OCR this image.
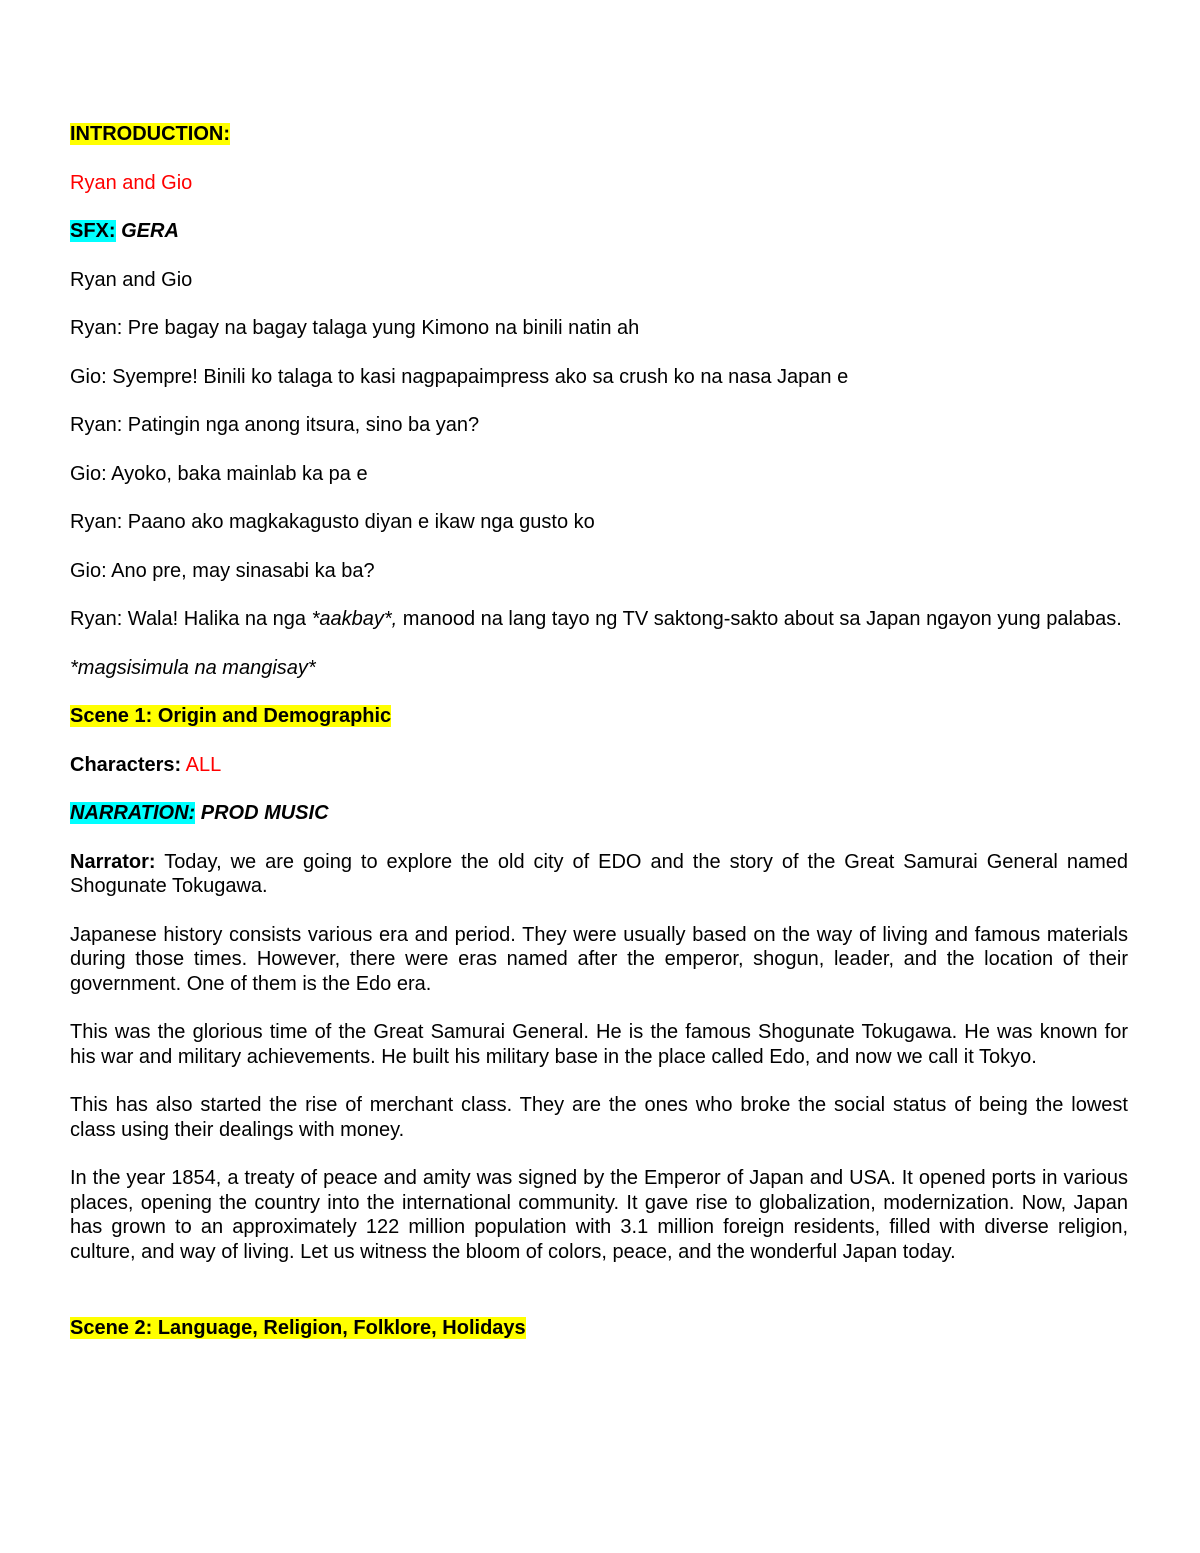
INTRODUCTION:

Ryan and Gio

SFX: GERA

Ryan and Gio

Ryan: Pre bagay na bagay talaga yung Kimono na binili natin ah

Gio: Syempre! Binili ko talaga to kasi nagpapaimpress ako sa crush ko na nasa Japan e

Ryan: Patingin nga anong itsura, sino ba yan?

Gio: Ayoko, baka mainlab ka pa e

Ryan: Paano ako magkakagusto diyan e ikaw nga gusto ko

Gio: Ano pre, may sinasabi ka ba?

Ryan: Wala! Halika na nga *aakbay*, manood na lang tayo ng TV saktong-sakto about sa Japan ngayon yung palabas.

*magsisimula na mangisay*

Scene 1: Origin and Demographic

Characters: ALL

NARRATION: PROD MUSIC

Narrator: Today, we are going to explore the old city of EDO and the story of the Great Samurai General named Shogunate Tokugawa.

Japanese history consists various era and period. They were usually based on the way of living and famous materials during those times. However, there were eras named after the emperor, shogun, leader, and the location of their government. One of them is the Edo era.

This was the glorious time of the Great Samurai General. He is the famous Shogunate Tokugawa. He was known for his war and military achievements. He built his military base in the place called Edo, and now we call it Tokyo.

This has also started the rise of merchant class. They are the ones who broke the social status of being the lowest class using their dealings with money.

In the year 1854, a treaty of peace and amity was signed by the Emperor of Japan and USA. It opened ports in various places, opening the country into the international community. It gave rise to globalization, modernization. Now, Japan has grown to an approximately 122 million population with 3.1 million foreign residents, filled with diverse religion, culture, and way of living. Let us witness the bloom of colors, peace, and the wonderful Japan today.

Scene 2: Language, Religion, Folklore, Holidays
